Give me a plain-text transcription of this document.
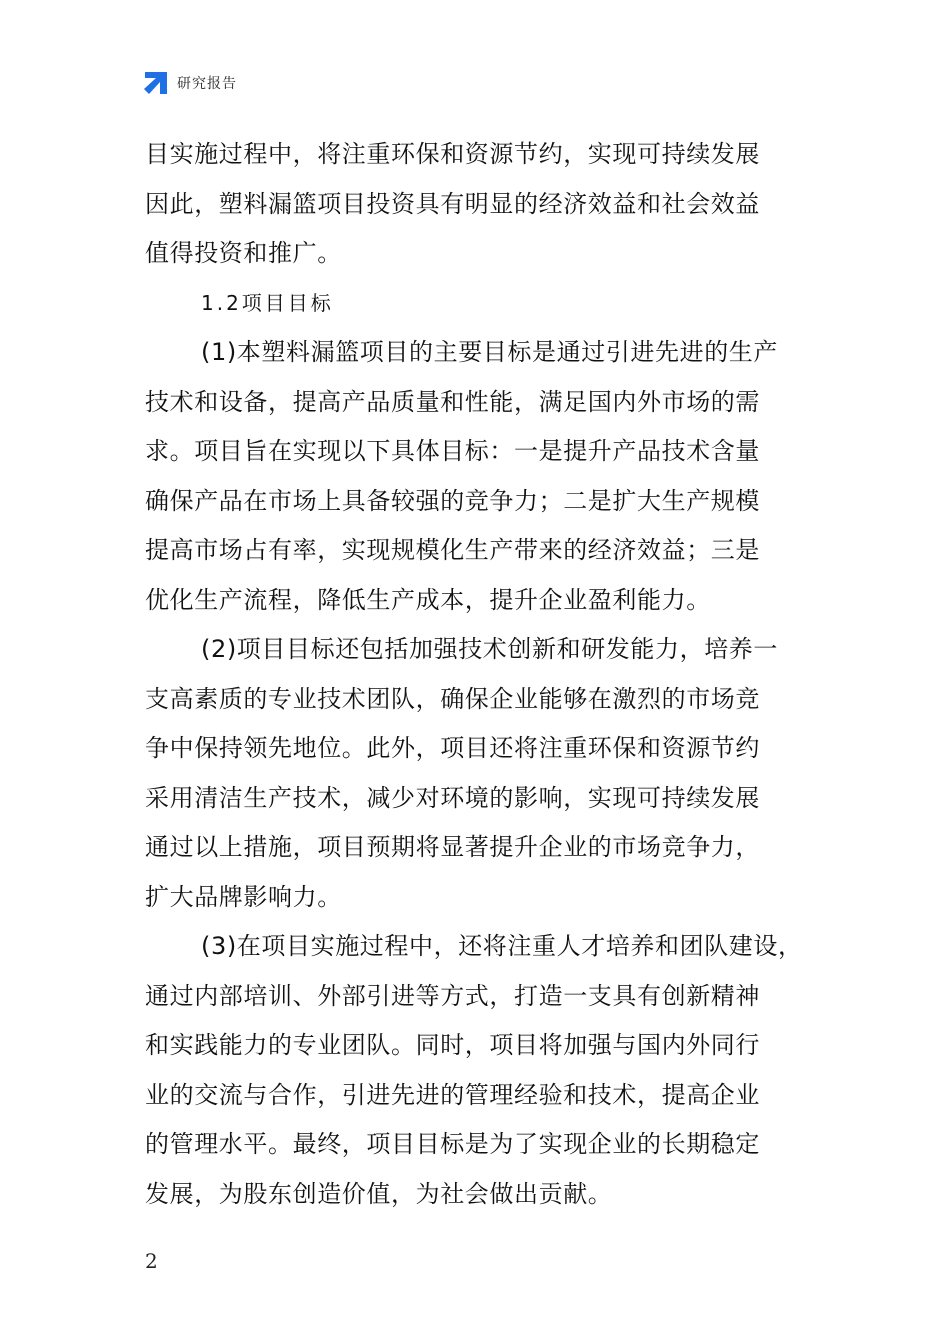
研究报告
目实施过程中，将注重环保和资源节约，实现可持续发展
因此，塑料漏篮项目投资具有明显的经济效益和社会效益
值得投资和推广。
1.2项目目标
(1)本塑料漏篮项目的主要目标是通过引进先进的生产
技术和设备，提高产品质量和性能，满足国内外市场的需
求。项目旨在实现以下具体目标：一是提升产品技术含量
确保产品在市场上具备较强的竞争力；二是扩大生产规模
提高市场占有率，实现规模化生产带来的经济效益；三是
优化生产流程，降低生产成本，提升企业盈利能力。
(2)项目目标还包括加强技术创新和研发能力，培养一
支高素质的专业技术团队，确保企业能够在激烈的市场竞
争中保持领先地位。此外，项目还将注重环保和资源节约
采用清洁生产技术，减少对环境的影响，实现可持续发展
通过以上措施，项目预期将显著提升企业的市场竞争力，
扩大品牌影响力。
(3)在项目实施过程中，还将注重人才培养和团队建设，
通过内部培训、外部引进等方式，打造一支具有创新精神
和实践能力的专业团队。同时，项目将加强与国内外同行
业的交流与合作，引进先进的管理经验和技术，提高企业
的管理水平。最终，项目目标是为了实现企业的长期稳定
发展，为股东创造价值，为社会做出贡献。
2
